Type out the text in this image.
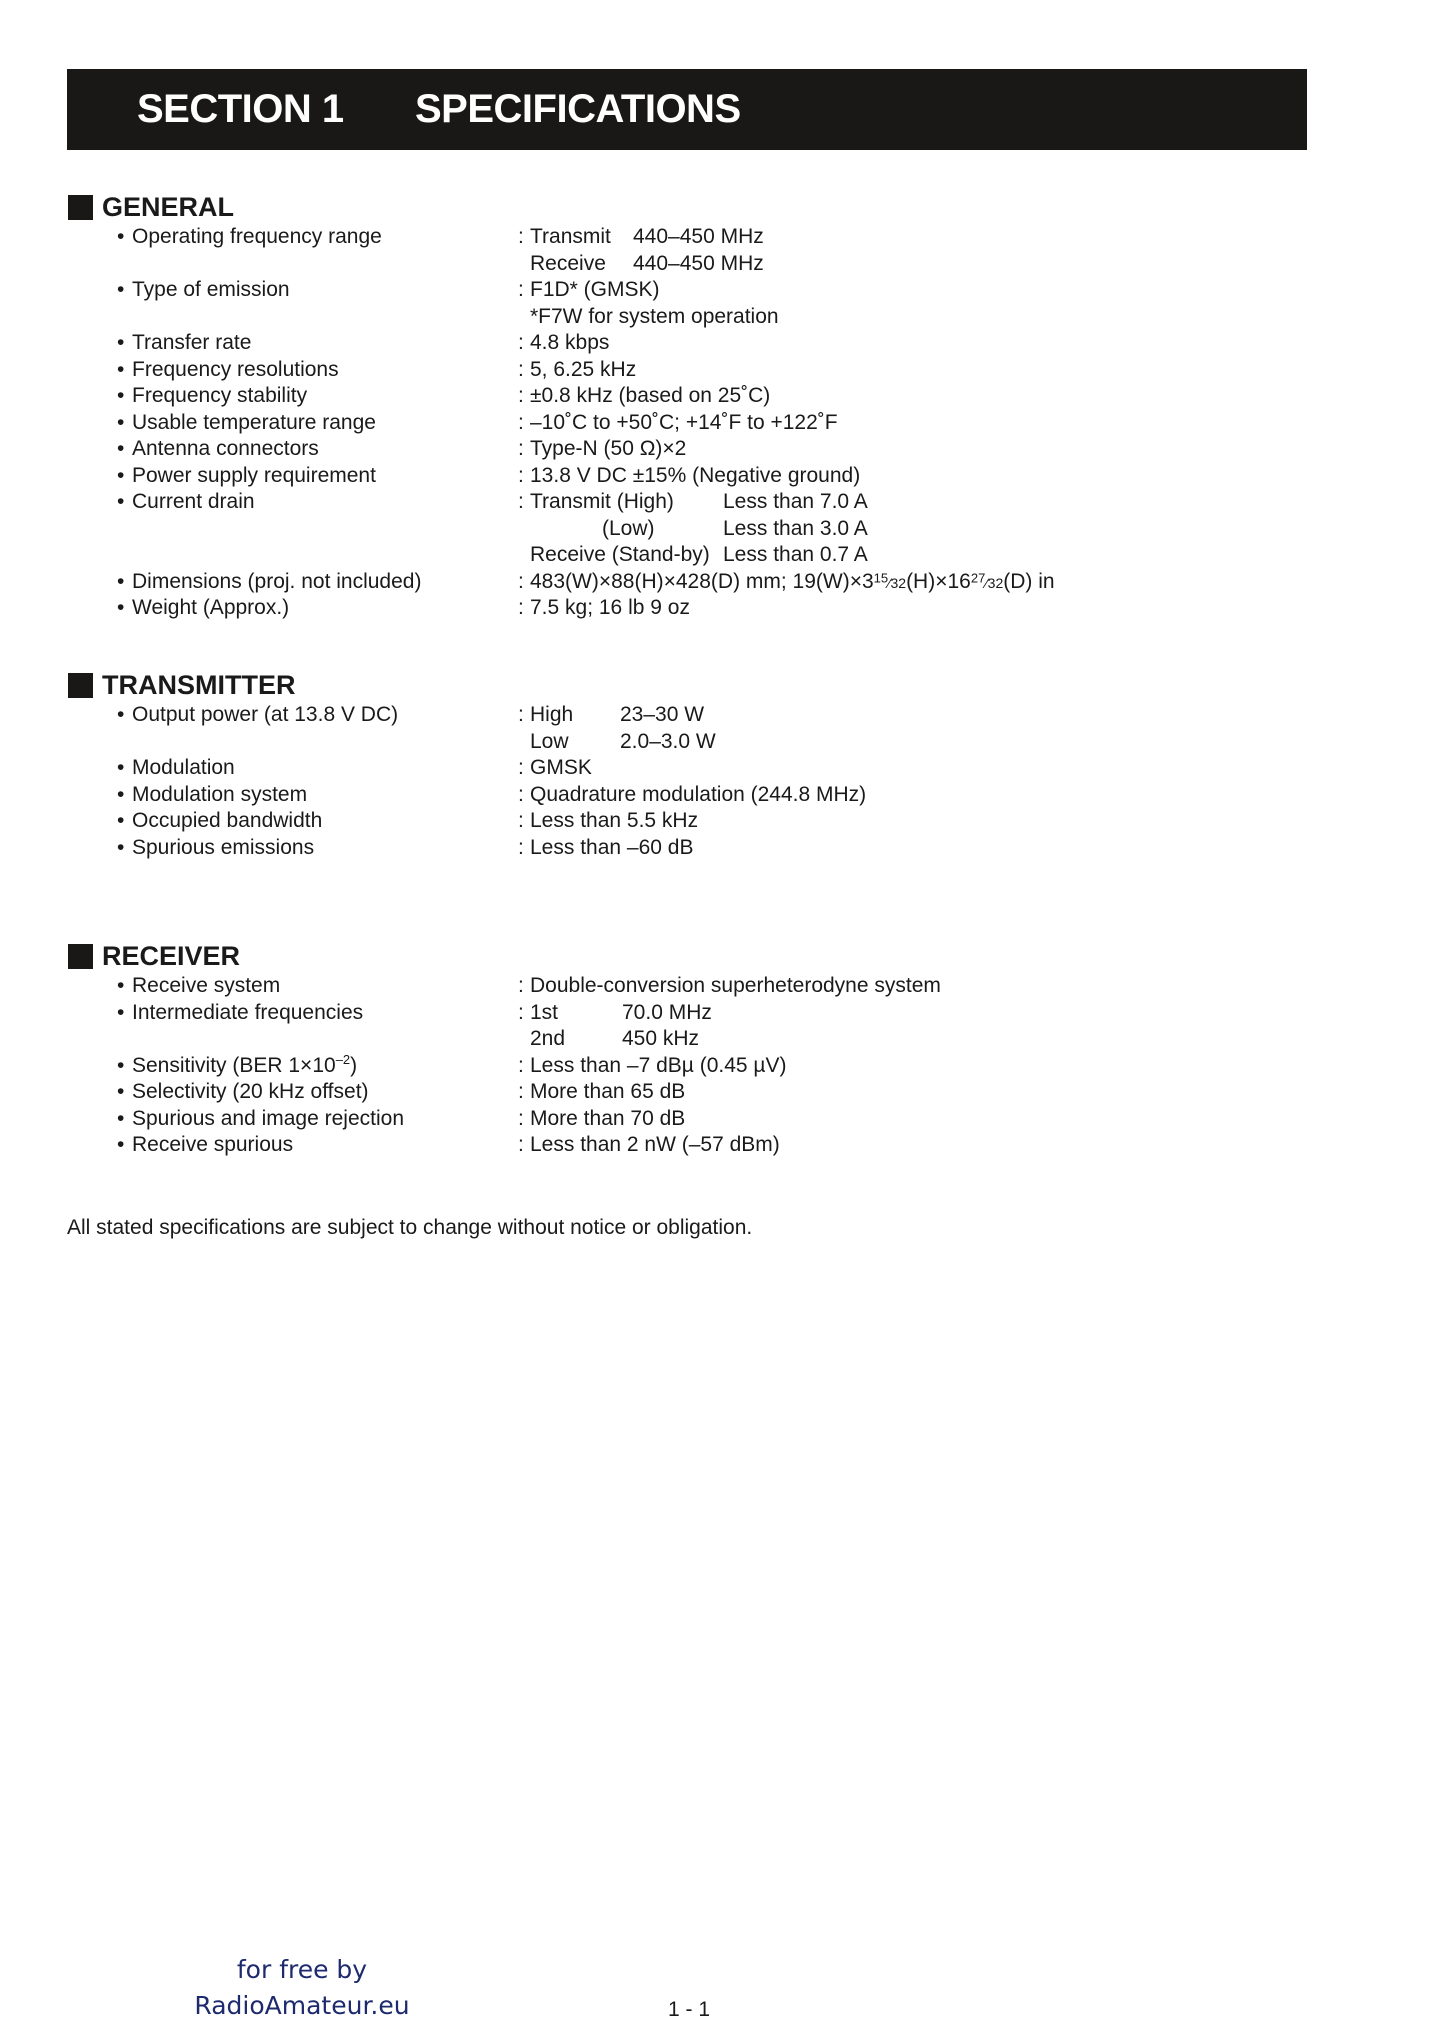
SECTION 1 SPECIFICATIONS
GENERAL
• Operating frequency range	: Transmit 440–450 MHz
Receive 440–450 MHz
• Type of emission	: F1D* (GMSK)
*F7W for system operation
• Transfer rate	: 4.8 kbps
• Frequency resolutions	: 5, 6.25 kHz
• Frequency stability	: ±0.8 kHz (based on 25˚C)
• Usable temperature range	: –10˚C to +50˚C; +14˚F to +122˚F
• Antenna connectors	: Type-N (50 Ω)×2
• Power supply requirement	: 13.8 V DC ±15% (Negative ground)
• Current drain	: Transmit (High) Less than 7.0 A
(Low)	Less than 3.0 A
Receive (Stand-by) Less than 0.7 A
• Dimensions (proj. not included)	: 483(W)×88(H)×428(D) mm; $19(W)\times 3^{15}⁄32(H)\times 16^{27}⁄32(D)$ in
• Weight (Approx.)	: 7.5 kg; 16 lb 9 oz
TRANSMITTER
• Output power (at 13.8 V DC)	: High 23–30 W
Low 2.0–3.0 W
• Modulation	: GMSK
• Modulation system	: Quadrature modulation (244.8 MHz)
• Occupied bandwidth	: Less than 5.5 kHz
• Spurious emissions	: Less than –60 dB
RECEIVER
• Receive system	: Double-conversion superheterodyne system
• Intermediate frequencies	: 1st	70.0 MHz
2nd	450 kHz
• Sensitivity (BER $1\times 10^{-2}$)	: Less than –7 dBµ (0.45 µV)
• Selectivity (20 kHz offset)	: More than 65 dB
• Spurious and image rejection	: More than 70 dB
• Receive spurious	: Less than 2 nW (–57 dBm)
All stated specifications are subject to change without notice or obligation.
for free by
RadioAmateur.eu	1 - 1
